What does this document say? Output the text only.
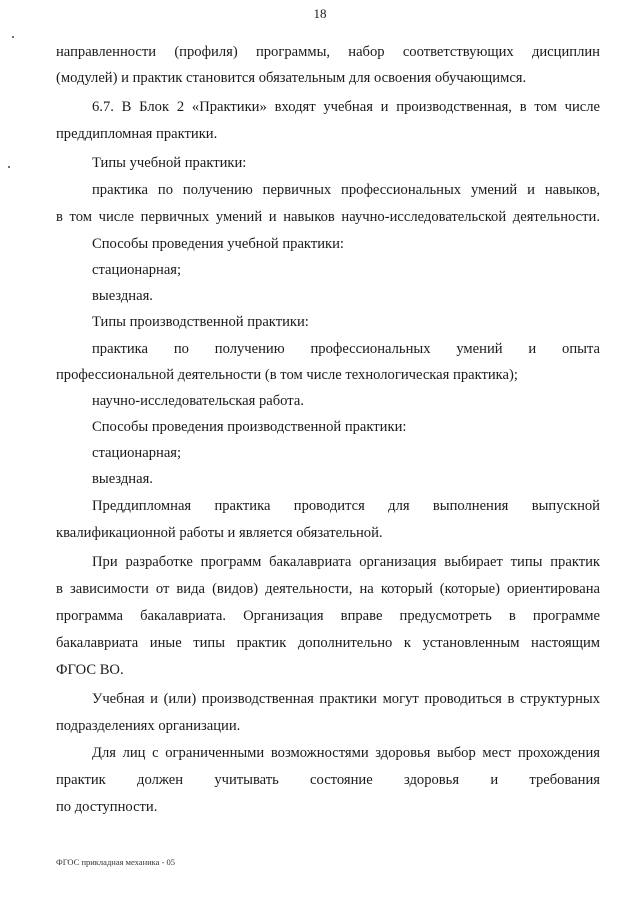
18
направленности (профиля) программы, набор соответствующих дисциплин
(модулей) и практик становится обязательным для освоения обучающимся.
6.7. В Блок 2 «Практики» входят учебная и производственная, в том числе
преддипломная практики.
Типы учебной практики:
практика по получению первичных профессиональных умений и навыков,
в том числе первичных умений и навыков научно-исследовательской деятельности.
Способы проведения учебной практики:
стационарная;
выездная.
Типы производственной практики:
практика по получению профессиональных умений и опыта
профессиональной деятельности (в том числе технологическая практика);
научно-исследовательская работа.
Способы проведения производственной практики:
стационарная;
выездная.
Преддипломная практика проводится для выполнения выпускной
квалификационной работы и является обязательной.
При разработке программ бакалавриата организация выбирает типы практик
в зависимости от вида (видов) деятельности, на который (которые) ориентирована
программа бакалавриата. Организация вправе предусмотреть в программе
бакалавриата иные типы практик дополнительно к установленным настоящим
ФГОС ВО.
Учебная и (или) производственная практики могут проводиться в структурных
подразделениях организации.
Для лиц с ограниченными возможностями здоровья выбор мест прохождения
практик должен учитывать состояние здоровья и требования
по доступности.
ФГОС прикладная механика - 05
